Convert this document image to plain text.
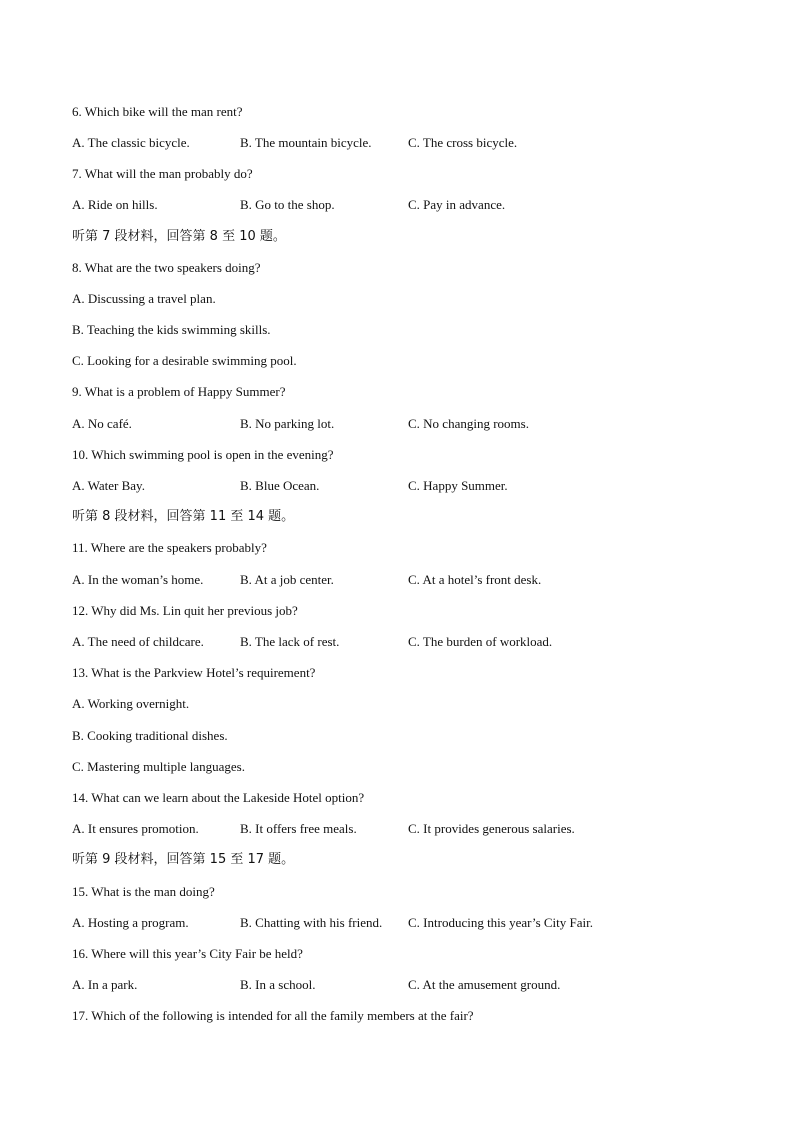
6. Which bike will the man rent?
A. The classic bicycle.	B. The mountain bicycle.	C. The cross bicycle.
7. What will the man probably do?
A. Ride on hills.	B. Go to the shop.	C. Pay in advance.
听第 7 段材料，回答第 8 至 10 题。
8. What are the two speakers doing?
A. Discussing a travel plan.
B. Teaching the kids swimming skills.
C. Looking for a desirable swimming pool.
9. What is a problem of Happy Summer?
A. No café.	B. No parking lot.	C. No changing rooms.
10. Which swimming pool is open in the evening?
A. Water Bay.	B. Blue Ocean.	C. Happy Summer.
听第 8 段材料，回答第 11 至 14 题。
11. Where are the speakers probably?
A. In the woman’s home.	B. At a job center.	C. At a hotel’s front desk.
12. Why did Ms. Lin quit her previous job?
A. The need of childcare.	B. The lack of rest.	C. The burden of workload.
13. What is the Parkview Hotel’s requirement?
A. Working overnight.
B. Cooking traditional dishes.
C. Mastering multiple languages.
14. What can we learn about the Lakeside Hotel option?
A. It ensures promotion.	B. It offers free meals.	C. It provides generous salaries.
听第 9 段材料，回答第 15 至 17 题。
15. What is the man doing?
A. Hosting a program.	B. Chatting with his friend. C. Introducing this year’s City Fair.
16. Where will this year’s City Fair be held?
A. In a park.	B. In a school.	C. At the amusement ground.
17. Which of the following is intended for all the family members at the fair?
